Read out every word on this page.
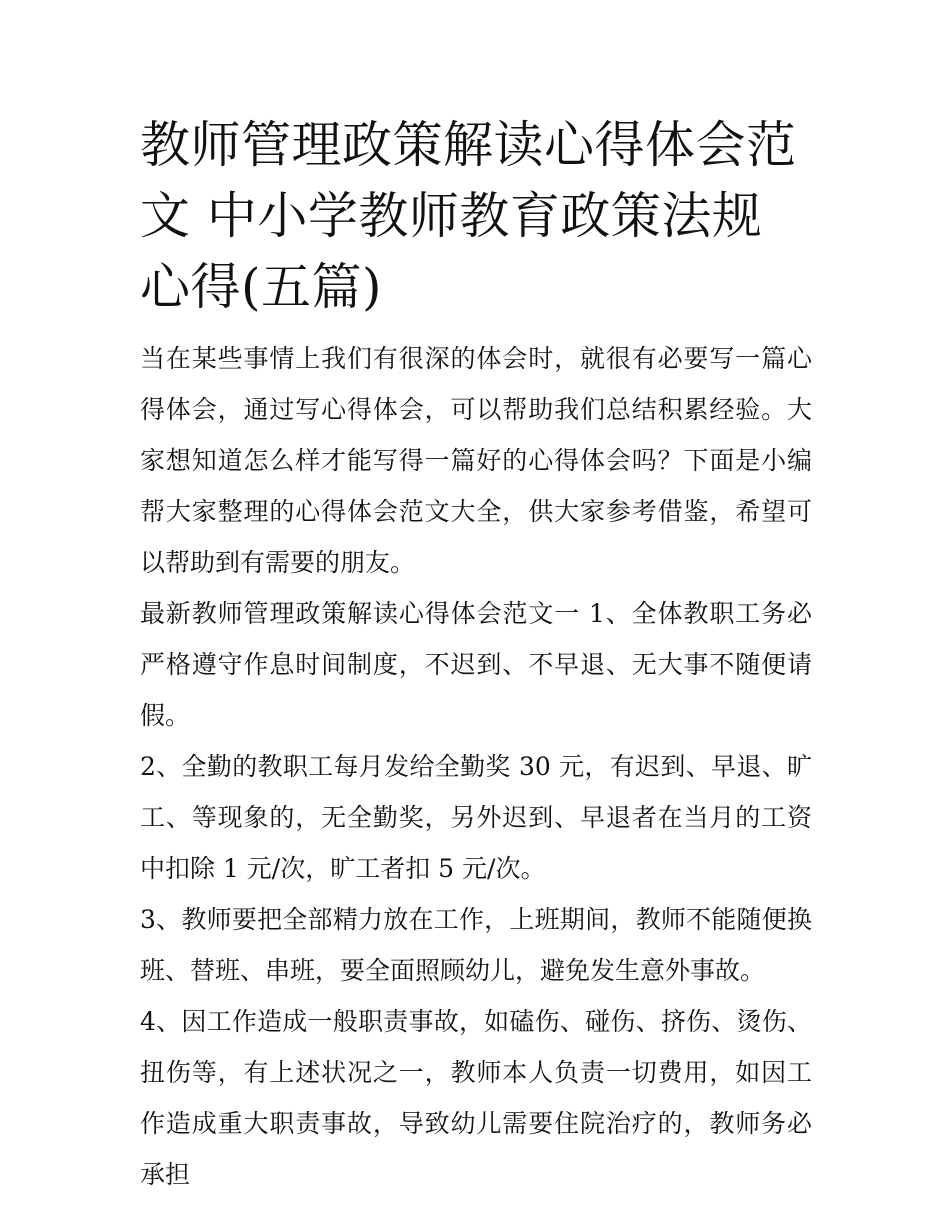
教师管理政策解读心得体会范文 中小学教师教育政策法规心得(五篇)

当在某些事情上我们有很深的体会时，就很有必要写一篇心得体会，通过写心得体会，可以帮助我们总结积累经验。大家想知道怎么样才能写得一篇好的心得体会吗？下面是小编帮大家整理的心得体会范文大全，供大家参考借鉴，希望可以帮助到有需要的朋友。

最新教师管理政策解读心得体会范文一 1、全体教职工务必严格遵守作息时间制度，不迟到、不早退、无大事不随便请假。

2、全勤的教职工每月发给全勤奖 30 元，有迟到、早退、旷工、等现象的，无全勤奖，另外迟到、早退者在当月的工资中扣除 1 元/次，旷工者扣 5 元/次。

3、教师要把全部精力放在工作，上班期间，教师不能随便换班、替班、串班，要全面照顾幼儿，避免发生意外事故。

4、因工作造成一般职责事故，如磕伤、碰伤、挤伤、烫伤、扭伤等，有上述状况之一，教师本人负责一切费用，如因工作造成重大职责事故，导致幼儿需要住院治疗的，教师务必承担
